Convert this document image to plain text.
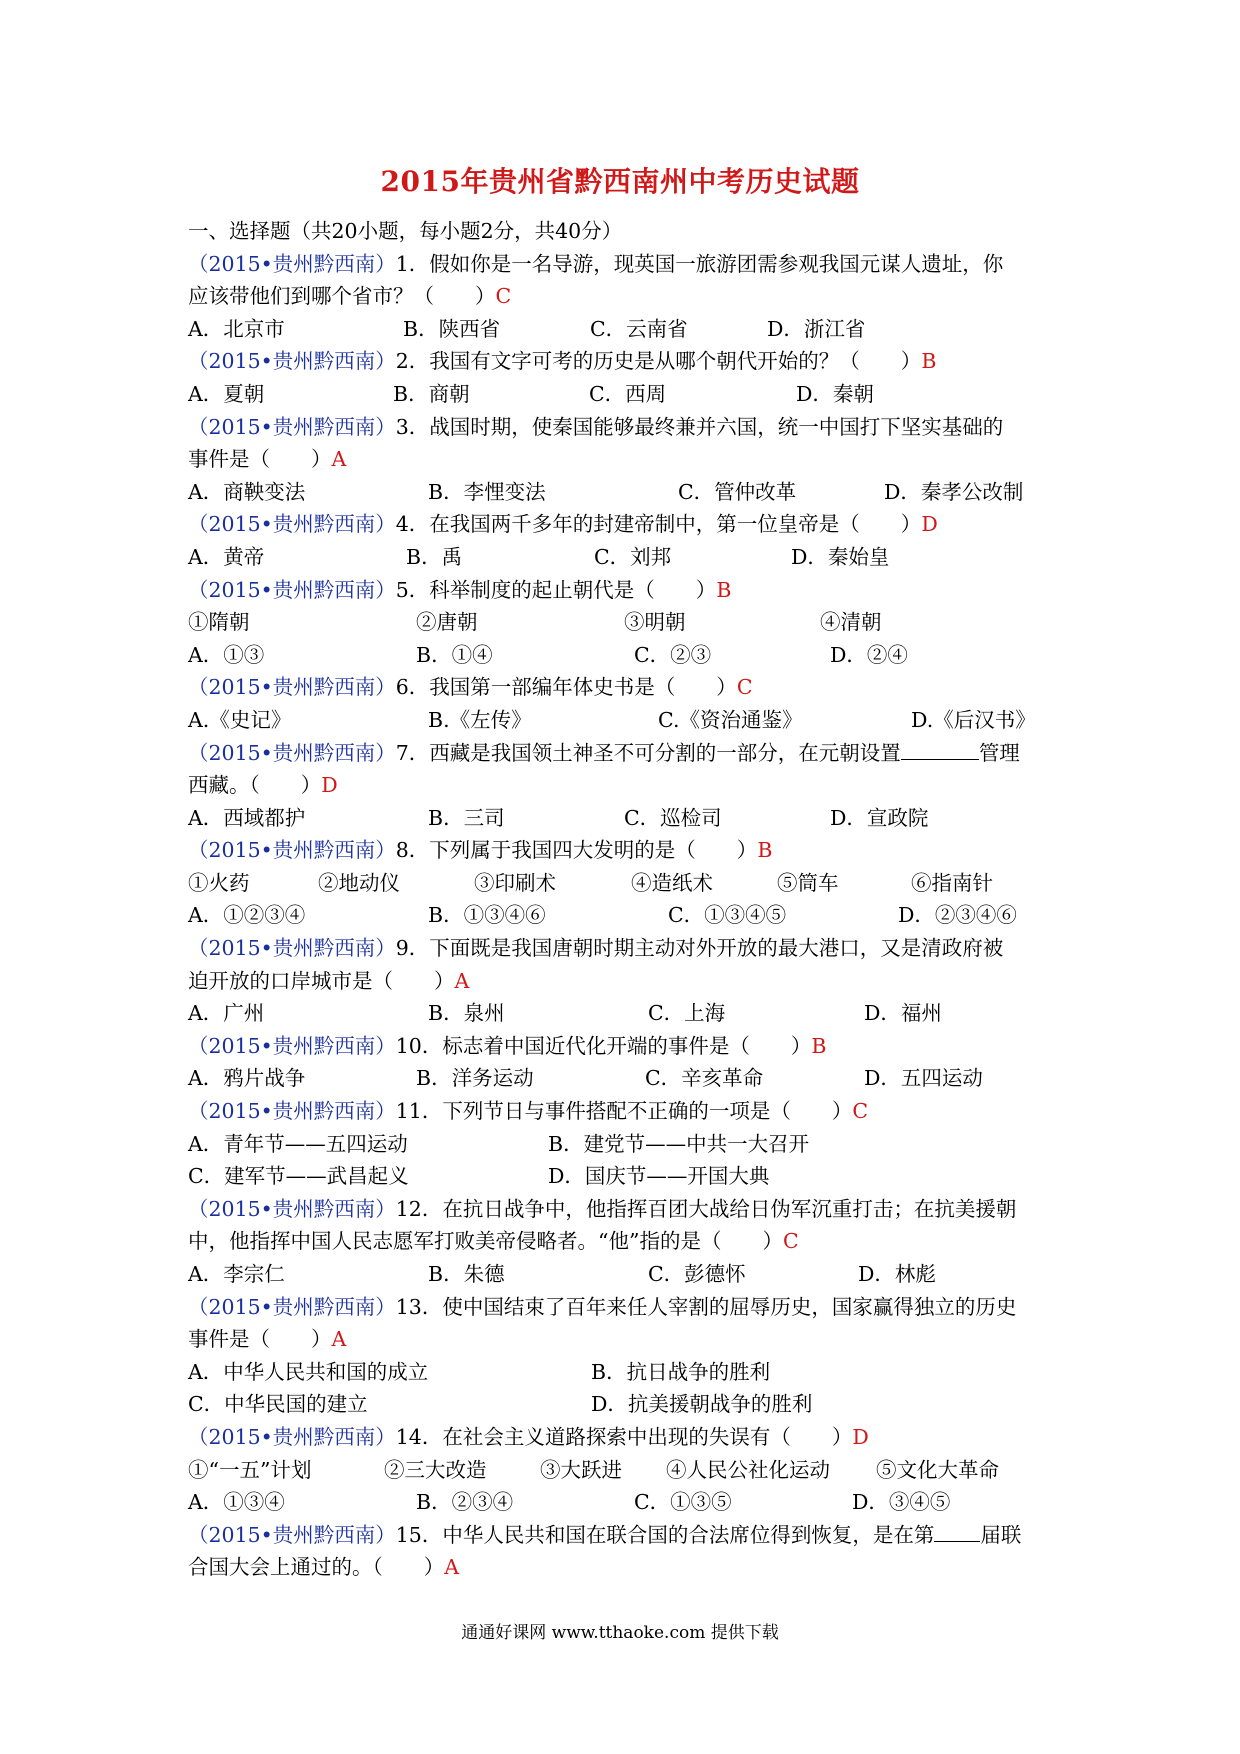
2015年贵州省黔西南州中考历史试题
一、选择题（共20小题，每小题2分，共40分）
（2015•贵州黔西南）1．假如你是一名导游，现英国一旅游团需参观我国元谋人遗址，你
应该带他们到哪个省市？（　　）C
A．北京市	B．陕西省	C．云南省	D．浙江省
（2015•贵州黔西南）2．我国有文字可考的历史是从哪个朝代开始的？（　　）B
A．夏朝	B．商朝	C．西周	D．秦朝
（2015•贵州黔西南）3．战国时期，使秦国能够最终兼并六国，统一中国打下坚实基础的
事件是（　　）A
A．商鞅变法	B．李悝变法	C．管仲改革	D．秦孝公改制
（2015•贵州黔西南）4．在我国两千多年的封建帝制中，第一位皇帝是（　　）D
A．黄帝	B．禹	C．刘邦	D．秦始皇
（2015•贵州黔西南）5．科举制度的起止朝代是（　　）B
①隋朝	②唐朝	③明朝	④清朝
A．①③	B．①④	C．②③	D．②④
（2015•贵州黔西南）6．我国第一部编年体史书是（　　）C
A.《史记》	B.《左传》	C.《资治通鉴》	D.《后汉书》
（2015•贵州黔西南）7．西藏是我国领土神圣不可分割的一部分，在元朝设置	管理
西藏。（　　）D
A．西域都护	B．三司	C．巡检司	D．宣政院
（2015•贵州黔西南）8．下列属于我国四大发明的是（　　）B
①火药	②地动仪	③印刷术	④造纸术	⑤筒车	⑥指南针
A．①②③④	B．①③④⑥	C．①③④⑤	D．②③④⑥
（2015•贵州黔西南）9．下面既是我国唐朝时期主动对外开放的最大港口，又是清政府被
迫开放的口岸城市是（　　）A
A．广州	B．泉州	C．上海	D．福州
（2015•贵州黔西南）10．标志着中国近代化开端的事件是（　　）B
A．鸦片战争	B．洋务运动	C．辛亥革命	D．五四运动
（2015•贵州黔西南）11．下列节日与事件搭配不正确的一项是（　　）C
A．青年节——五四运动	B．建党节——中共一大召开
C．建军节——武昌起义	D．国庆节——开国大典
（2015•贵州黔西南）12．在抗日战争中，他指挥百团大战给日伪军沉重打击；在抗美援朝
中，他指挥中国人民志愿军打败美帝侵略者。“他”指的是（　　）C
A．李宗仁	B．朱德	C．彭德怀	D．林彪
（2015•贵州黔西南）13．使中国结束了百年来任人宰割的屈辱历史，国家赢得独立的历史
事件是（　　）A
A．中华人民共和国的成立	B．抗日战争的胜利
C．中华民国的建立	D．抗美援朝战争的胜利
（2015•贵州黔西南）14．在社会主义道路探索中出现的失误有（　　）D
①“一五”计划	②三大改造	③大跃进	④人民公社化运动	⑤文化大革命
A．①③④	B．②③④	C．①③⑤	D．③④⑤
（2015•贵州黔西南）15．中华人民共和国在联合国的合法席位得到恢复，是在第 届联
合国大会上通过的。（　　）A
通通好课网 www.tthaoke.com 提供下载
